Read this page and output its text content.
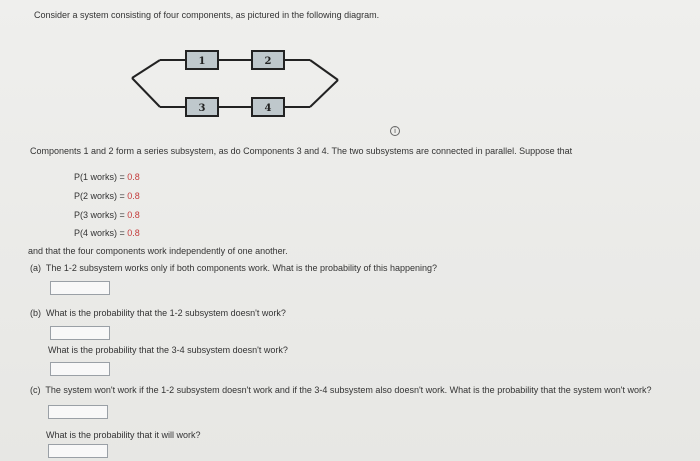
Consider a system consisting of four components, as pictured in the following diagram.
1	2
3	4
i
Components 1 and 2 form a series subsystem, as do Components 3 and 4. The two subsystems are connected in parallel. Suppose that
P(1 works) = 0.8
P(2 works) = 0.8
P(3 works) = 0.8
P(4 works) = 0.8
and that the four components work independently of one another.
(a) The 1-2 subsystem works only if both components work. What is the probability of this happening?
(b) What is the probability that the 1-2 subsystem doesn't work?
What is the probability that the 3-4 subsystem doesn't work?
(c) The system won't work if the 1-2 subsystem doesn't work and if the 3-4 subsystem also doesn't work. What is the probability that the system won't work?
What is the probability that it will work?
